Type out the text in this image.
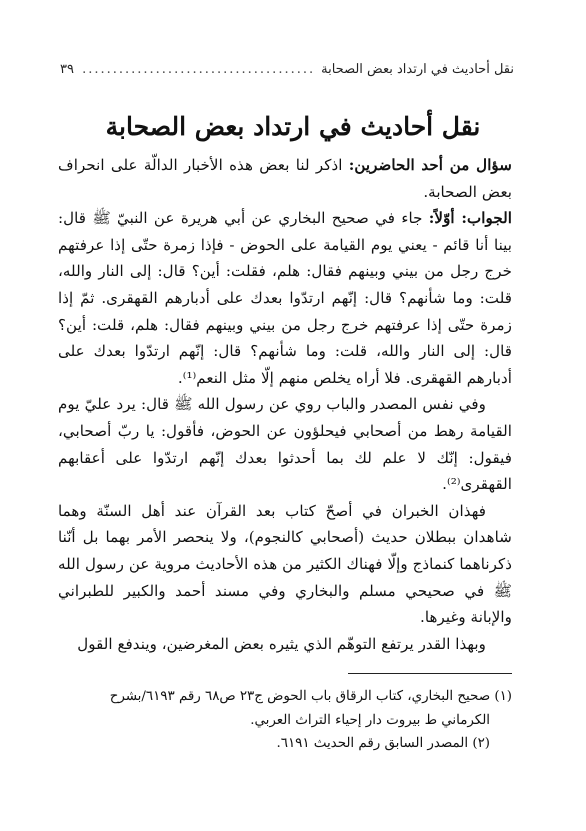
نقل أحاديث في ارتداد بعض الصحابة
.....
٣٩
نقل أحاديث في ارتداد بعض الصحابة

سؤال من أحد الحاضرين: اذكر لنا بعض هذه الأخبار الدالّة على انحراف بعض الصحابة.

الجواب: أوّلاً: جاء في صحيح البخاري عن أبي هريرة عن النبيّ ﷺ قال: بينا أنا قائم - يعني يوم القيامة على الحوض - فإذا زمرة حتّى إذا عرفتهم خرج رجل من بيني وبينهم فقال: هلم، فقلت: أين؟ قال: إلى النار والله، قلت: وما شأنهم؟ قال: إنّهم ارتدّوا بعدك على أدبارهم القهقرى. ثمّ إذا زمرة حتّى إذا عرفتهم خرج رجل من بيني وبينهم فقال: هلم، قلت: أين؟ قال: إلى النار والله، قلت: وما شأنهم؟ قال: إنّهم ارتدّوا بعدك على أدبارهم القهقرى. فلا أراه يخلص منهم إلّا مثل النعم⁽¹⁾.

وفي نفس المصدر والباب روي عن رسول الله ﷺ قال: يرد عليّ يوم القيامة رهط من أصحابي فيحلؤون عن الحوض، فأقول: يا ربّ أصحابي، فيقول: إنّك لا علم لك بما أحدثوا بعدك إنّهم ارتدّوا على أعقابهم القهقرى⁽²⁾.

فهذان الخبران في أصحّ كتاب بعد القرآن عند أهل السنّة وهما شاهدان ببطلان حديث (أصحابي كالنجوم)، ولا ينحصر الأمر بهما بل أنّنا ذكرناهما كنماذج وإلّا فهناك الكثير من هذه الأحاديث مروية عن رسول الله ﷺ في صحيحي مسلم والبخاري وفي مسند أحمد والكبير للطبراني والإبانة وغيرها.

وبهذا القدر يرتفع التوهّم الذي يثيره بعض المغرضين، ويندفع القول

(١) صحيح البخاري، كتاب الرقاق باب الحوض ج٢٣ ص٦٨ رقم ٦١٩٣/بشرح

الكرماني ط بيروت دار إحياء التراث العربي.

(٢) المصدر السابق رقم الحديث ٦١٩١.
